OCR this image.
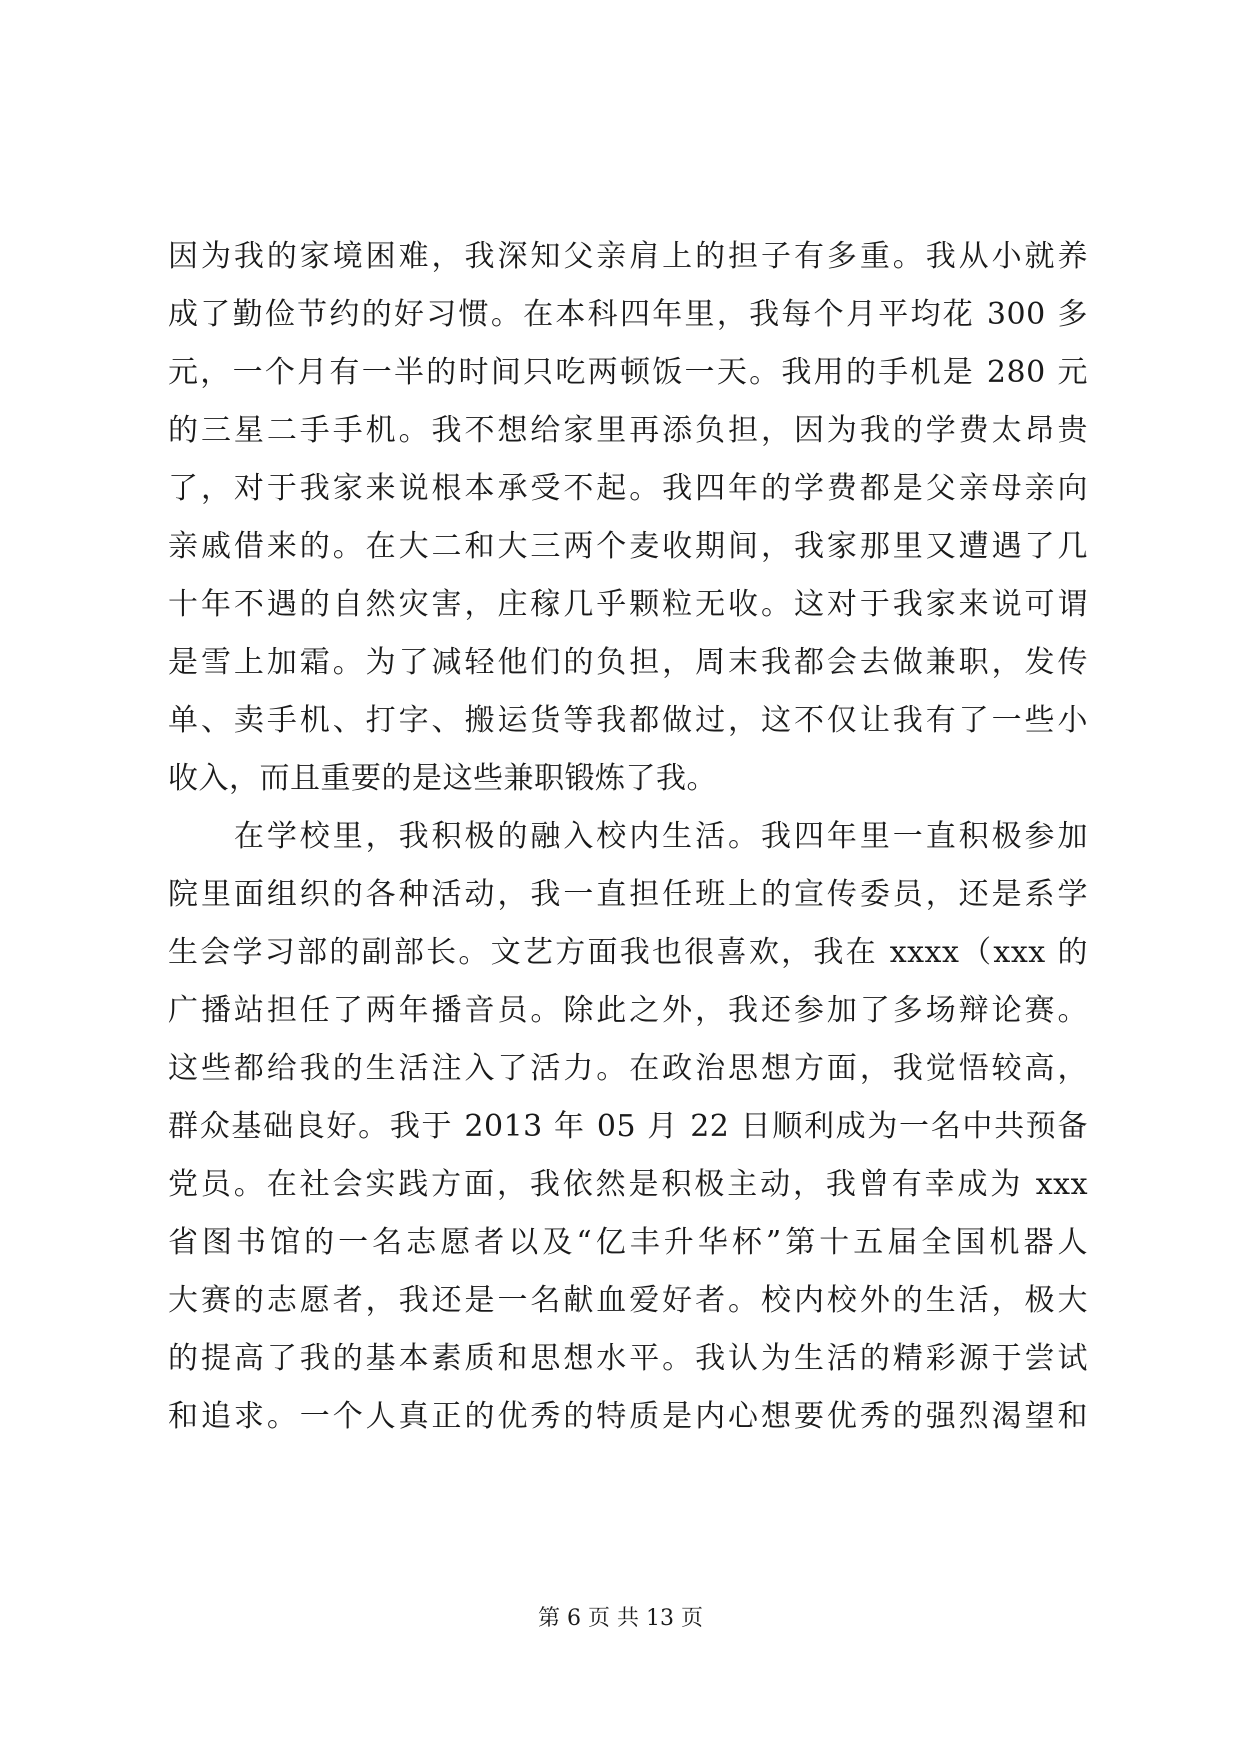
因为我的家境困难，我深知父亲肩上的担子有多重。我从小就养
成了勤俭节约的好习惯。在本科四年里，我每个月平均花 300 多
元，一个月有一半的时间只吃两顿饭一天。我用的手机是 280 元
的三星二手手机。我不想给家里再添负担，因为我的学费太昂贵
了，对于我家来说根本承受不起。我四年的学费都是父亲母亲向
亲戚借来的。在大二和大三两个麦收期间，我家那里又遭遇了几
十年不遇的自然灾害，庄稼几乎颗粒无收。这对于我家来说可谓
是雪上加霜。为了减轻他们的负担，周末我都会去做兼职，发传
单、卖手机、打字、搬运货等我都做过，这不仅让我有了一些小
收入，而且重要的是这些兼职锻炼了我。
　　在学校里，我积极的融入校内生活。我四年里一直积极参加
院里面组织的各种活动，我一直担任班上的宣传委员，还是系学
生会学习部的副部长。文艺方面我也很喜欢，我在 xxxx（xxx 的
广播站担任了两年播音员。除此之外，我还参加了多场辩论赛。
这些都给我的生活注入了活力。在政治思想方面，我觉悟较高，
群众基础良好。我于 2013 年 05 月 22 日顺利成为一名中共预备
党员。在社会实践方面，我依然是积极主动，我曾有幸成为 xxx
省图书馆的一名志愿者以及“亿丰升华杯”第十五届全国机器人
大赛的志愿者，我还是一名献血爱好者。校内校外的生活，极大
的提高了我的基本素质和思想水平。我认为生活的精彩源于尝试
和追求。一个人真正的优秀的特质是内心想要优秀的强烈渴望和
第 6 页 共 13 页
